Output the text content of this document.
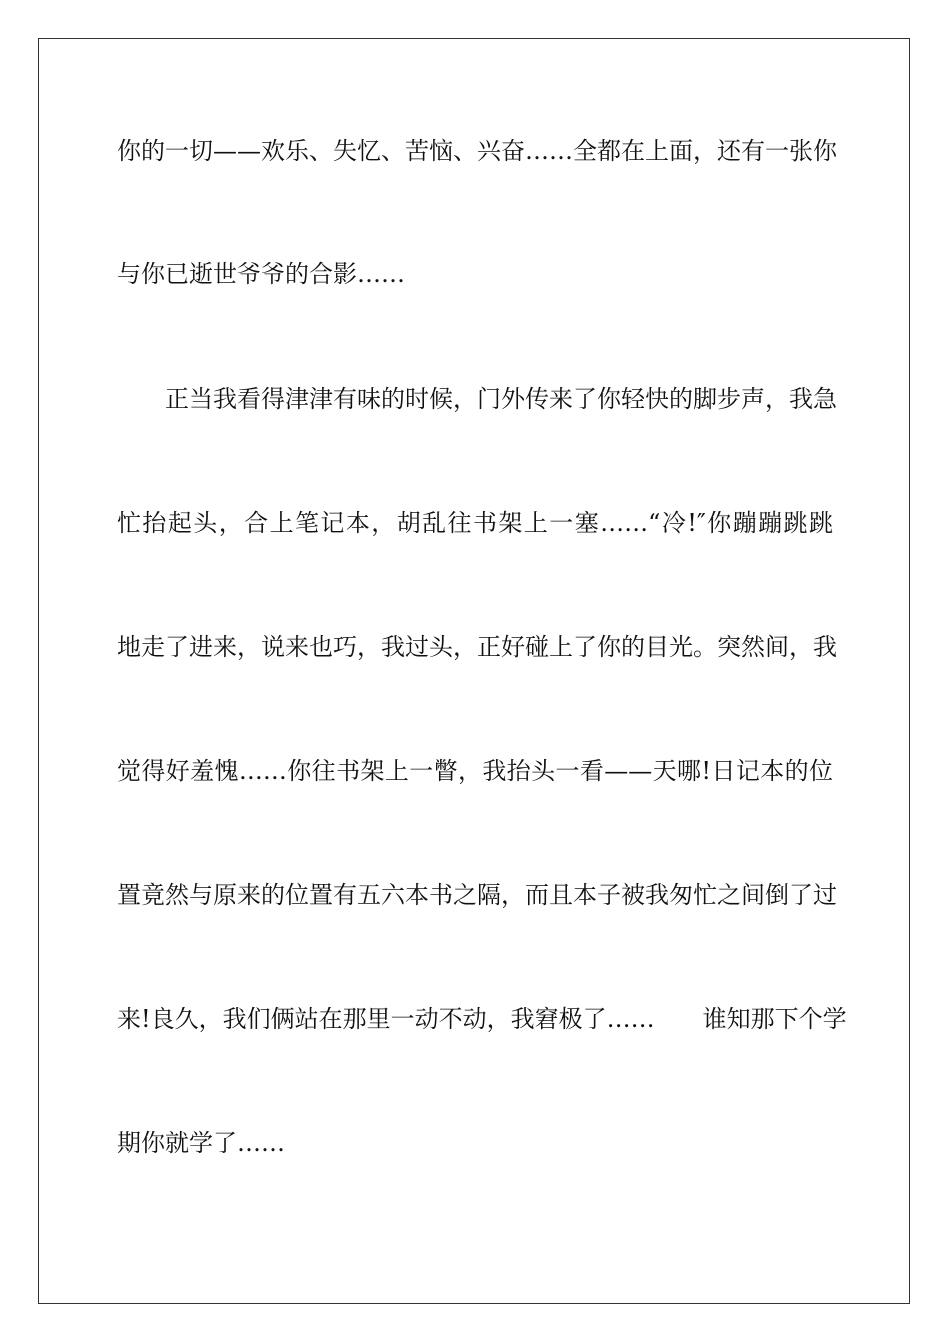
你的一切——欢乐、失忆、苦恼、兴奋……全都在上面，还有一张你
与你已逝世爷爷的合影……
　　正当我看得津津有味的时候，门外传来了你轻快的脚步声，我急
忙抬起头，合上笔记本，胡乱往书架上一塞……“冷!″你蹦蹦跳跳
地走了进来，说来也巧，我过头，正好碰上了你的目光。突然间，我
觉得好羞愧……你往书架上一瞥，我抬头一看——天哪!日记本的位
置竟然与原来的位置有五六本书之隔，而且本子被我匆忙之间倒了过
来!良久，我们俩站在那里一动不动，我窘极了……　　谁知那下个学
期你就学了……
